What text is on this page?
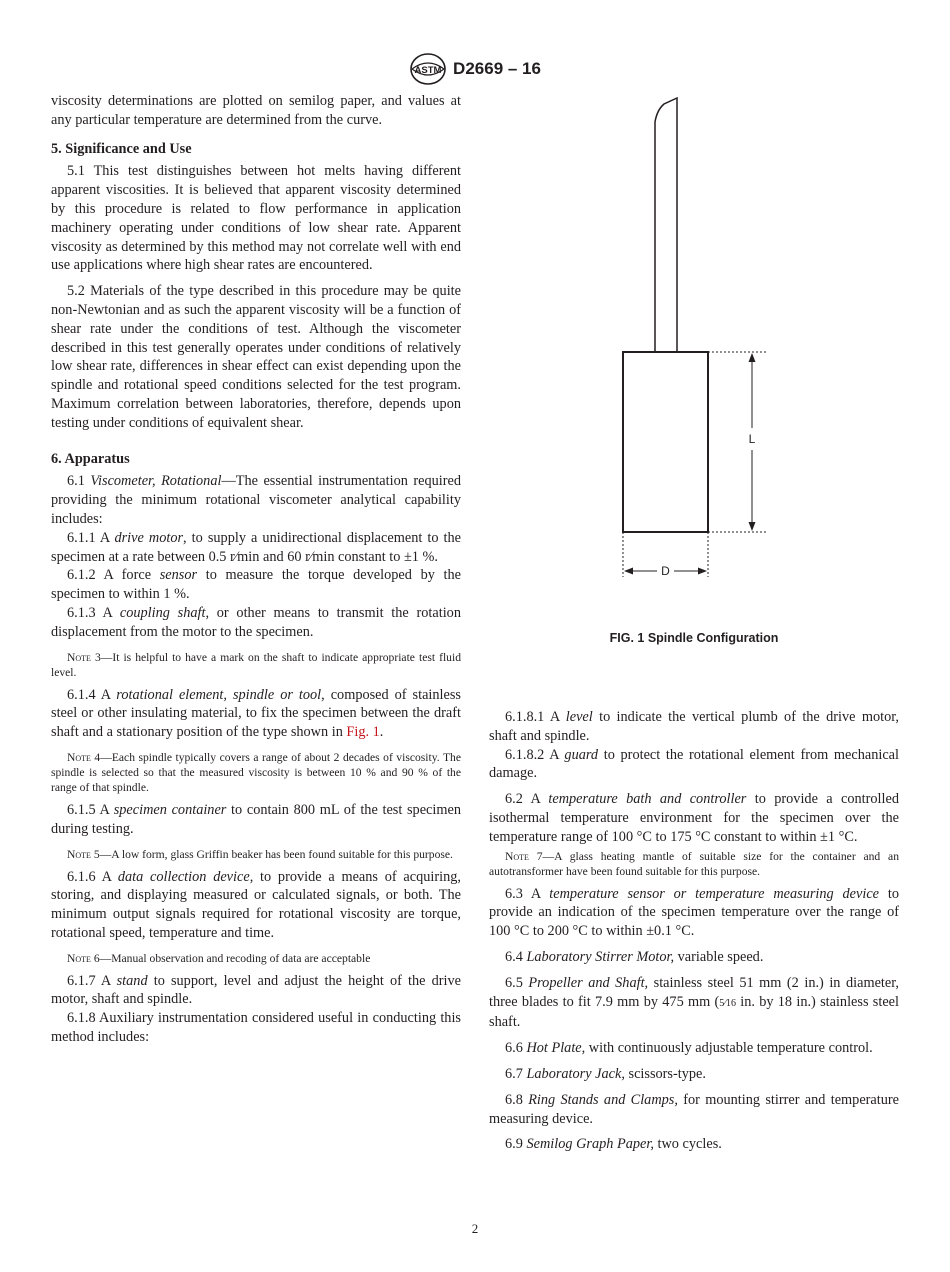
ASTM D2669 – 16

viscosity determinations are plotted on semilog paper, and values at any particular temperature are determined from the curve.

5. Significance and Use

5.1 This test distinguishes between hot melts having different apparent viscosities. It is believed that apparent viscosity determined by this procedure is related to flow performance in application machinery operating under conditions of low shear rate. Apparent viscosity as determined by this method may not correlate well with end use applications where high shear rates are encountered.

5.2 Materials of the type described in this procedure may be quite non-Newtonian and as such the apparent viscosity will be a function of shear rate under the conditions of test. Although the viscometer described in this test generally operates under conditions of relatively low shear rate, differences in shear effect can exist depending upon the spindle and rotational speed conditions selected for the test program. Maximum correlation between laboratories, therefore, depends upon testing under conditions of equivalent shear.

6. Apparatus

6.1 Viscometer, Rotational—The essential instrumentation required providing the minimum rotational viscometer analytical capability includes:

6.1.1 A drive motor, to supply a unidirectional displacement to the specimen at a rate between 0.5 r⁄min and 60 r⁄min constant to ±1 %.

6.1.2 A force sensor to measure the torque developed by the specimen to within 1 %.

6.1.3 A coupling shaft, or other means to transmit the rotation displacement from the motor to the specimen.

Note 3—It is helpful to have a mark on the shaft to indicate appropriate test fluid level.

6.1.4 A rotational element, spindle or tool, composed of stainless steel or other insulating material, to fix the specimen between the draft shaft and a stationary position of the type shown in Fig. 1.

Note 4—Each spindle typically covers a range of about 2 decades of viscosity. The spindle is selected so that the measured viscosity is between 10 % and 90 % of the range of that spindle.

6.1.5 A specimen container to contain 800 mL of the test specimen during testing.

Note 5—A low form, glass Griffin beaker has been found suitable for this purpose.

6.1.6 A data collection device, to provide a means of acquiring, storing, and displaying measured or calculated signals, or both. The minimum output signals required for rotational viscosity are torque, rotational speed, temperature and time.

Note 6—Manual observation and recoding of data are acceptable

6.1.7 A stand to support, level and adjust the height of the drive motor, shaft and spindle.

6.1.8 Auxiliary instrumentation considered useful in conducting this method includes:

L
D
FIG. 1 Spindle Configuration

6.1.8.1 A level to indicate the vertical plumb of the drive motor, shaft and spindle.

6.1.8.2 A guard to protect the rotational element from mechanical damage.

6.2 A temperature bath and controller to provide a controlled isothermal temperature environment for the specimen over the temperature range of 100 °C to 175 °C constant to within ±1 °C.

Note 7—A glass heating mantle of suitable size for the container and an autotransformer have been found suitable for this purpose.

6.3 A temperature sensor or temperature measuring device to provide an indication of the specimen temperature over the range of 100 °C to 200 °C to within ±0.1 °C.

6.4 Laboratory Stirrer Motor, variable speed.

6.5 Propeller and Shaft, stainless steel 51 mm (2 in.) in diameter, three blades to fit 7.9 mm by 475 mm (5⁄16 in. by 18 in.) stainless steel shaft.

6.6 Hot Plate, with continuously adjustable temperature control.

6.7 Laboratory Jack, scissors-type.

6.8 Ring Stands and Clamps, for mounting stirrer and temperature measuring device.

6.9 Semilog Graph Paper, two cycles.

2
